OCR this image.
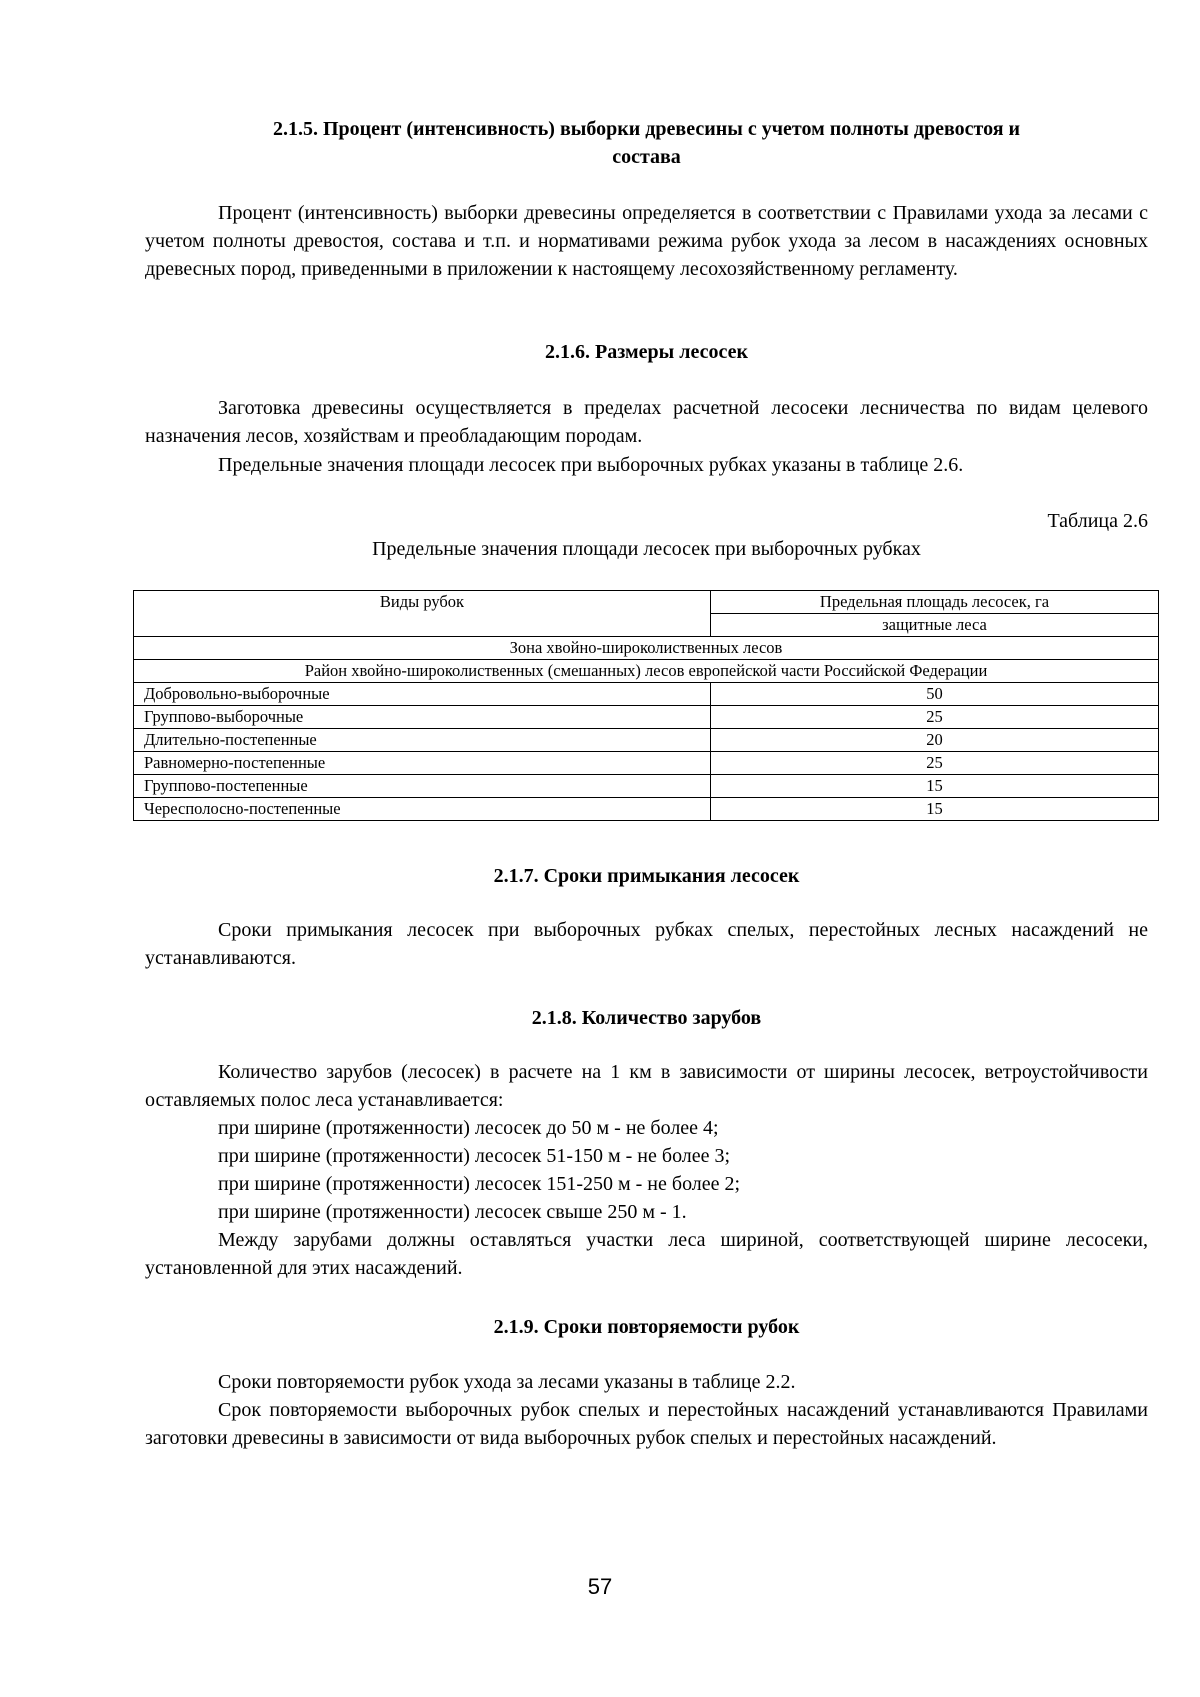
2.1.5. Процент (интенсивность) выборки древесины с учетом полноты древостоя и
состава

Процент (интенсивность) выборки древесины определяется в соответствии с Правилами ухода за лесами с учетом полноты древостоя, состава и т.п. и нормативами режима рубок ухода за лесом в насаждениях основных древесных пород, приведенными в приложении к настоящему лесохозяйственному регламенту.

2.1.6. Размеры лесосек

Заготовка древесины осуществляется в пределах расчетной лесосеки лесничества по видам целевого назначения лесов, хозяйствам и преобладающим породам.

Предельные значения площади лесосек при выборочных рубках указаны в таблице 2.6.

Таблица 2.6

Предельные значения площади лесосек при выборочных рубках

Виды рубок	Предельная площадь лесосек, га
	защитные леса
Зона хвойно-широколиственных лесов	
Район хвойно-широколиственных (смешанных) лесов европейской части Российской Федерации	
Добровольно-выборочные	50
Группово-выборочные	25
Длительно-постепенные	20
Равномерно-постепенные	25
Группово-постепенные	15
Чересполосно-постепенные	15

2.1.7. Сроки примыкания лесосек

Сроки примыкания лесосек при выборочных рубках спелых, перестойных лесных насаждений не устанавливаются.

2.1.8. Количество зарубов

Количество зарубов (лесосек) в расчете на 1 км в зависимости от ширины лесосек, ветроустойчивости оставляемых полос леса устанавливается:

при ширине (протяженности) лесосек до 50 м - не более 4;

при ширине (протяженности) лесосек 51-150 м - не более 3;

при ширине (протяженности) лесосек 151-250 м - не более 2;

при ширине (протяженности) лесосек свыше 250 м - 1.

Между зарубами должны оставляться участки леса шириной, соответствующей ширине лесосеки, установленной для этих насаждений.

2.1.9. Сроки повторяемости рубок

Сроки повторяемости рубок ухода за лесами указаны в таблице 2.2.

Срок повторяемости выборочных рубок спелых и перестойных насаждений устанавливаются Правилами заготовки древесины в зависимости от вида выборочных рубок спелых и перестойных насаждений.

57
